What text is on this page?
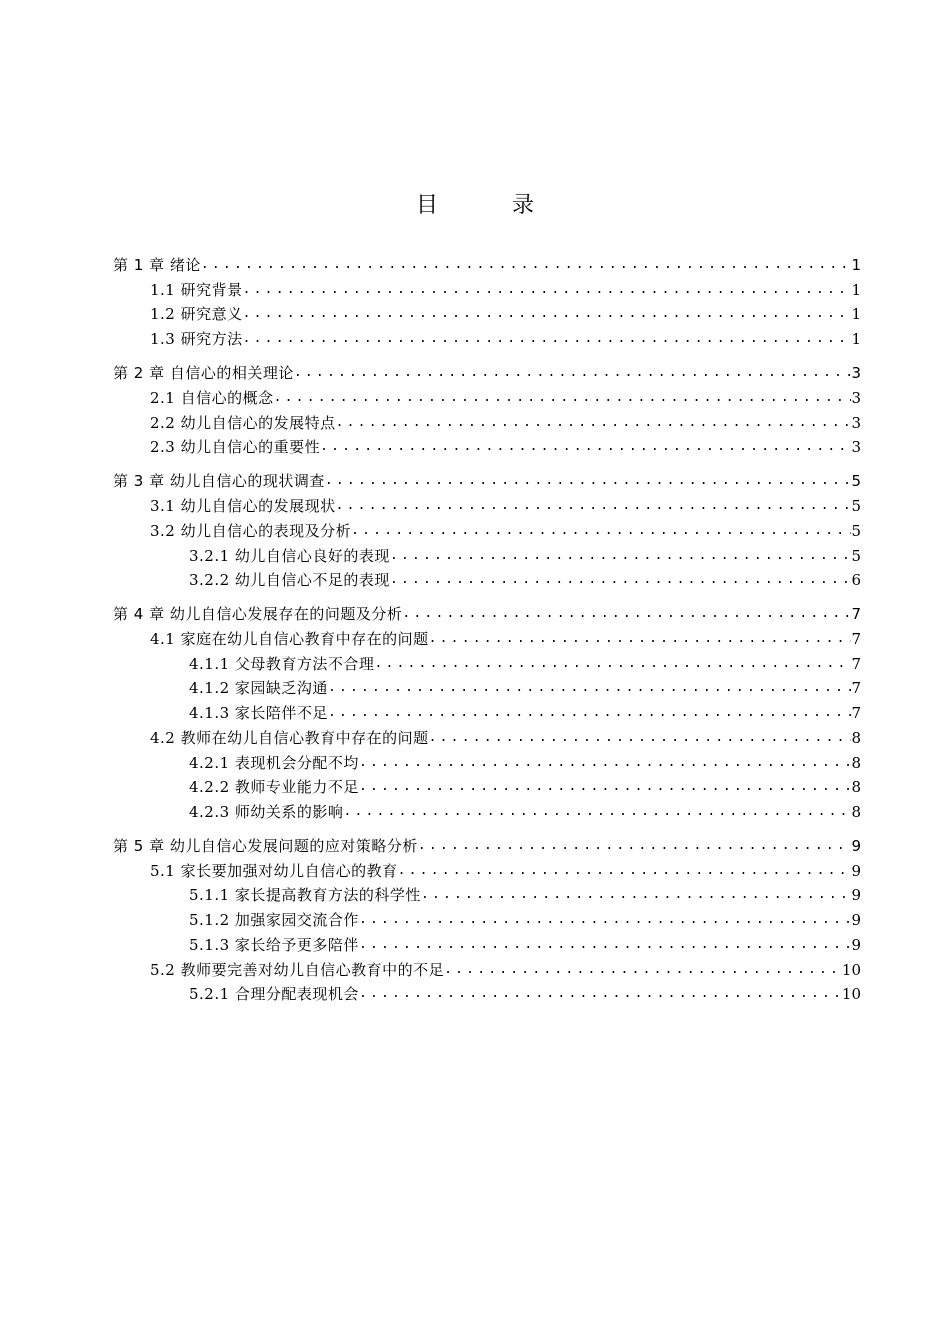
目　录
第 1 章 绪论 .....	1
1.1 研究背景 .....	1
1.2 研究意义 .....	1
1.3 研究方法 .....	1
第 2 章 自信心的相关理论 .....	3
2.1 自信心的概念 .....	3
2.2 幼儿自信心的发展特点 .....	3
2.3 幼儿自信心的重要性 .....	3
第 3 章 幼儿自信心的现状调查 .....	5
3.1 幼儿自信心的发展现状 .....	5
3.2 幼儿自信心的表现及分析 .....	5
3.2.1 幼儿自信心良好的表现 .....	5
3.2.2 幼儿自信心不足的表现 .....	6
第 4 章 幼儿自信心发展存在的问题及分析 .....	7
4.1 家庭在幼儿自信心教育中存在的问题 .....	7
4.1.1 父母教育方法不合理 .....	7
4.1.2 家园缺乏沟通 .....	7
4.1.3 家长陪伴不足 .....	7
4.2 教师在幼儿自信心教育中存在的问题 .....	8
4.2.1 表现机会分配不均 .....	8
4.2.2 教师专业能力不足 .....	8
4.2.3 师幼关系的影响 .....	8
第 5 章 幼儿自信心发展问题的应对策略分析 .....	9
5.1 家长要加强对幼儿自信心的教育 .....	9
5.1.1 家长提高教育方法的科学性 .....	9
5.1.2 加强家园交流合作 .....	9
5.1.3 家长给予更多陪伴 .....	9
5.2 教师要完善对幼儿自信心教育中的不足 .....	10
5.2.1 合理分配表现机会 .....	10
